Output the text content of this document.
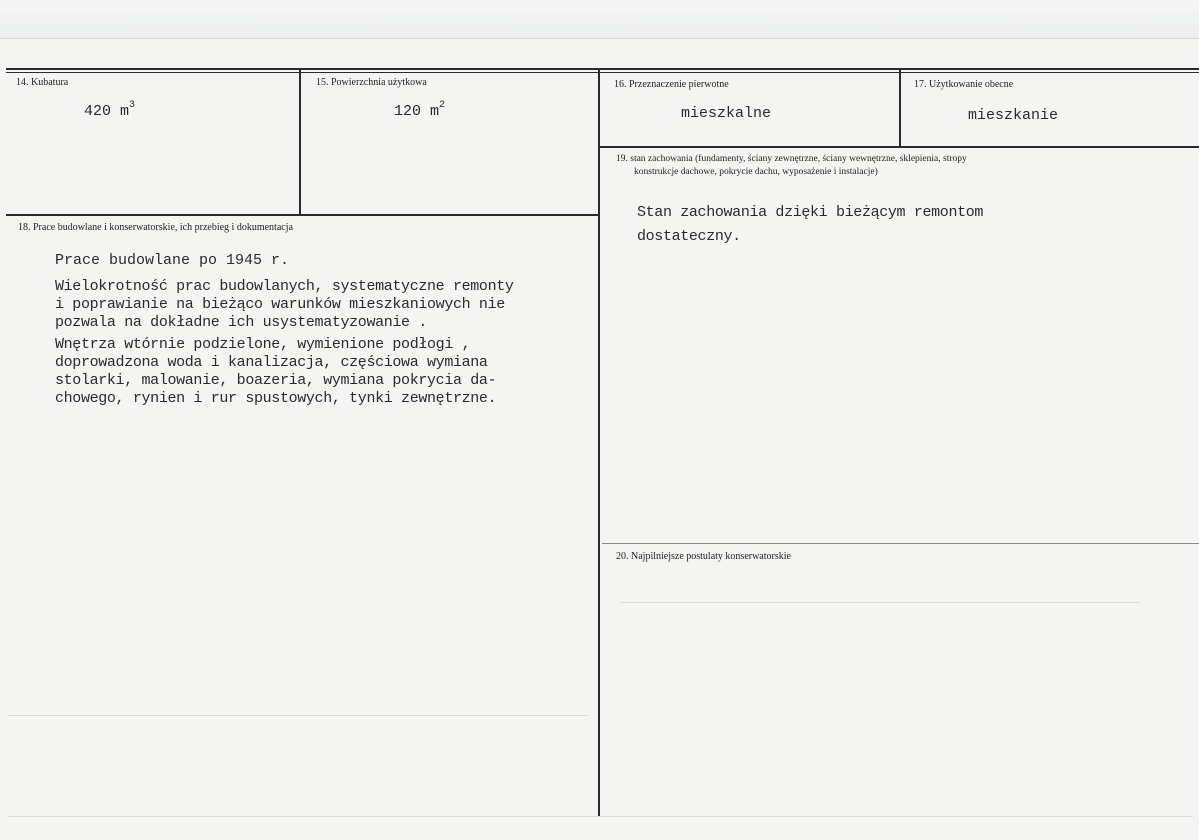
14. Kubatura
420 $m^3$
15. Powierzchnia użytkowa
120 $m^2$
16. Przeznaczenie pierwotne
mieszkalne
17. Użytkowanie obecne
mieszkanie
18. Prace budowlane i konserwatorskie, ich przebieg i dokumentacja
Prace budowlane po 1945 r.
Wielokrotność prac budowlanych, systematyczne remonty
i poprawianie na bieżąco warunków mieszkaniowych nie
pozwala na dokładne ich usystematyzowanie .
Wnętrza wtórnie podzielone, wymienione podłogi ,
doprowadzona woda i kanalizacja, częściowa wymiana
stolarki, malowanie, boazeria, wymiana pokrycia da-
chowego, rynien i rur spustowych, tynki zewnętrzne.
19. stan zachowania (fundamenty, ściany zewnętrzne, ściany wewnętrzne, sklepienia, stropy
konstrukcje dachowe, pokrycie dachu, wyposażenie i instalacje)
Stan zachowania dzięki bieżącym remontom
dostateczny.
20. Najpilniejsze postulaty konserwatorskie
